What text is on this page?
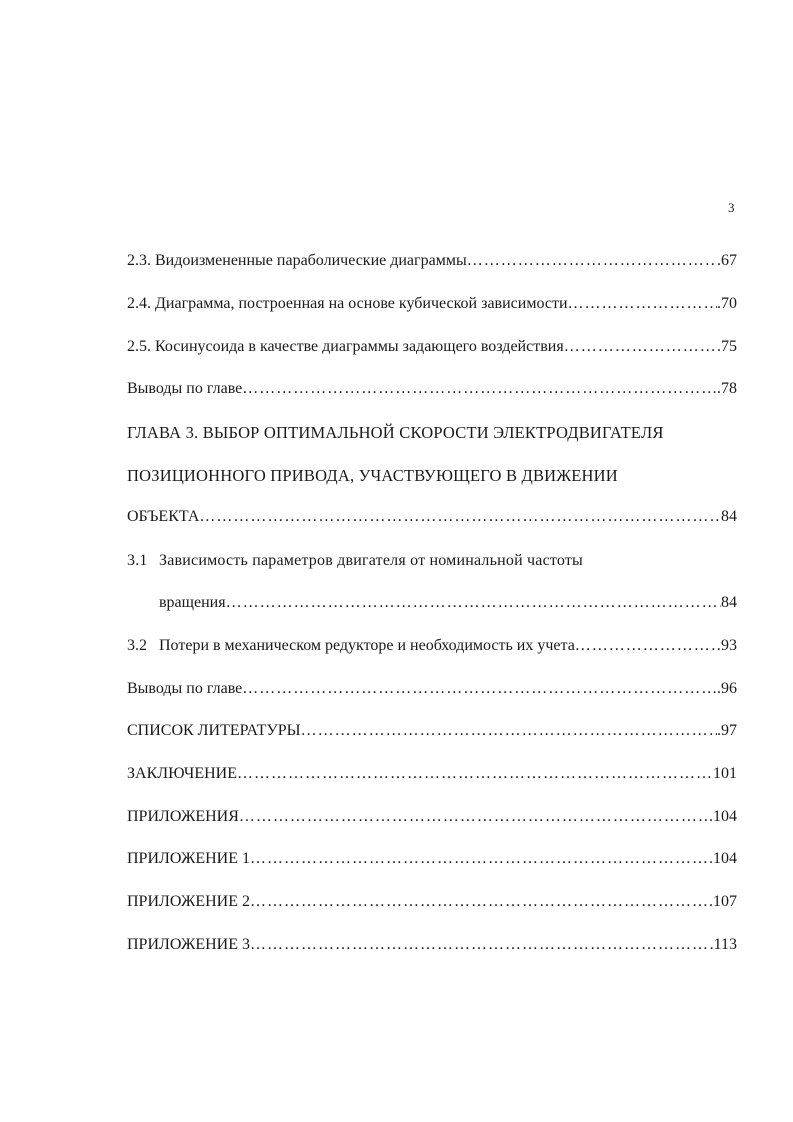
3
2.3. Видоизмененные параболические диаграммы …………………………………………………………………………………………………………………………………………	.67
2.4. Диаграмма, построенная на основе кубической зависимости …………………………………………………………………………………………………………………………………………	.70
2.5. Косинусоида в качестве диаграммы задающего воздействия …………………………………………………………………………………………………………………………………………	.75
Выводы по главе …………………………………………………………………………………………………………………………………………	.78
ГЛАВА 3. ВЫБОР ОПТИМАЛЬНОЙ СКОРОСТИ ЭЛЕКТРОДВИГАТЕЛЯ
ПОЗИЦИОННОГО ПРИВОДА, УЧАСТВУЮЩЕГО В ДВИЖЕНИИ
ОБЪЕКТА …………………………………………………………………………………………………………………………………………	84
3.1 Зависимость параметров двигателя от номинальной частоты
вращения …………………………………………………………………………………………………………………………………………	84
3.2 Потери в механическом редукторе и необходимость их учета …………………………………………………………………………………………………………………………………………	93
Выводы по главе …………………………………………………………………………………………………………………………………………	.96
СПИСОК ЛИТЕРАТУРЫ …………………………………………………………………………………………………………………………………………	.97
ЗАКЛЮЧЕНИЕ …………………………………………………………………………………………………………………………………………	101
ПРИЛОЖЕНИЯ …………………………………………………………………………………………………………………………………………	.104
ПРИЛОЖЕНИЕ 1 …………………………………………………………………………………………………………………………………………	.104
ПРИЛОЖЕНИЕ 2 …………………………………………………………………………………………………………………………………………	.107
ПРИЛОЖЕНИЕ 3 …………………………………………………………………………………………………………………………………………	.113
